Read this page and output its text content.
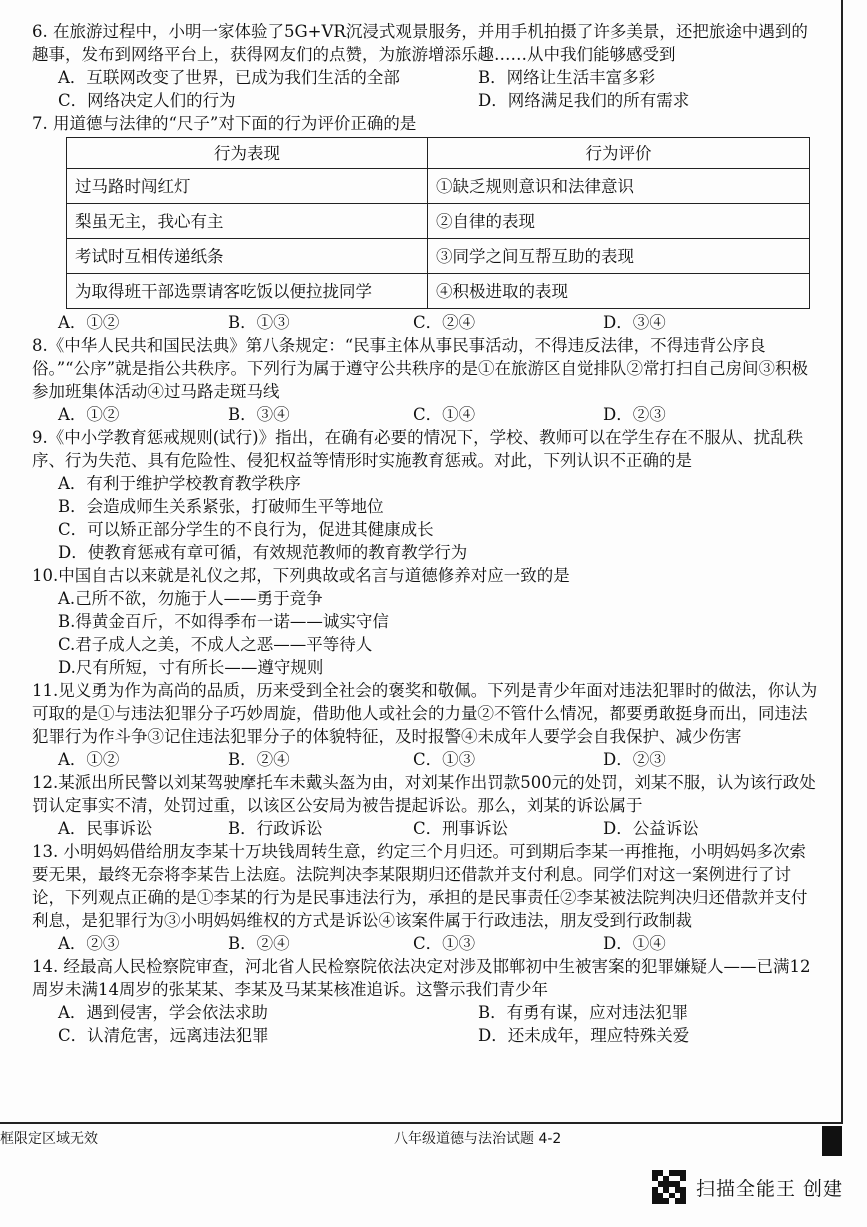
6. 在旅游过程中，小明一家体验了5G+VR沉浸式观景服务，并用手机拍摄了许多美景，还把旅途中遇到的趣事，发布到网络平台上，获得网友们的点赞，为旅游增添乐趣……从中我们能够感受到

A．互联网改变了世界，已成为我们生活的全部	B．网络让生活丰富多彩
C．网络决定人们的行为	D．网络满足我们的所有需求

7. 用道德与法律的“尺子”对下面的行为评价正确的是

行为表现	行为评价
过马路时闯红灯	①缺乏规则意识和法律意识
梨虽无主，我心有主	②自律的表现
考试时互相传递纸条	③同学之间互帮互助的表现
为取得班干部选票请客吃饭以便拉拢同学	④积极进取的表现
A．①②	B．①③	C．②④	D．③④

8.《中华人民共和国民法典》第八条规定：“民事主体从事民事活动，不得违反法律，不得违背公序良俗。”“公序”就是指公共秩序。下列行为属于遵守公共秩序的是①在旅游区自觉排队②常打扫自己房间③积极参加班集体活动④过马路走斑马线

A．①②	B．③④	C．①④	D．②③

9.《中小学教育惩戒规则(试行)》指出，在确有必要的情况下，学校、教师可以在学生存在不服从、扰乱秩序、行为失范、具有危险性、侵犯权益等情形时实施教育惩戒。对此，下列认识不正确的是

A．有利于维护学校教育教学秩序
B．会造成师生关系紧张，打破师生平等地位
C．可以矫正部分学生的不良行为，促进其健康成长
D．使教育惩戒有章可循，有效规范教师的教育教学行为

10.中国自古以来就是礼仪之邦，下列典故或名言与道德修养对应一致的是

A.己所不欲，勿施于人——勇于竞争
B.得黄金百斤，不如得季布一诺——诚实守信
C.君子成人之美，不成人之恶——平等待人
D.尺有所短，寸有所长——遵守规则

11.见义勇为作为高尚的品质，历来受到全社会的褒奖和敬佩。下列是青少年面对违法犯罪时的做法，你认为可取的是①与违法犯罪分子巧妙周旋，借助他人或社会的力量②不管什么情况，都要勇敢挺身而出，同违法犯罪行为作斗争③记住违法犯罪分子的体貌特征，及时报警④未成年人要学会自我保护、减少伤害

A．①②	B．②④	C．①③	D．②③

12.某派出所民警以刘某驾驶摩托车未戴头盔为由，对刘某作出罚款500元的处罚，刘某不服，认为该行政处罚认定事实不清，处罚过重，以该区公安局为被告提起诉讼。那么，刘某的诉讼属于

A．民事诉讼	B．行政诉讼	C．刑事诉讼	D．公益诉讼

13. 小明妈妈借给朋友李某十万块钱周转生意，约定三个月归还。可到期后李某一再推拖，小明妈妈多次索要无果，最终无奈将李某告上法庭。法院判决李某限期归还借款并支付利息。同学们对这一案例进行了讨论，下列观点正确的是①李某的行为是民事违法行为，承担的是民事责任②李某被法院判决归还借款并支付利息，是犯罪行为③小明妈妈维权的方式是诉讼④该案件属于行政违法，朋友受到行政制裁

A．②③	B．②④	C．①③	D．①④

14. 经最高人民检察院审查，河北省人民检察院依法决定对涉及邯郸初中生被害案的犯罪嫌疑人——已满12周岁未满14周岁的张某某、李某及马某某核准追诉。这警示我们青少年

A．遇到侵害，学会依法求助	B．有勇有谋，应对违法犯罪
C．认清危害，远离违法犯罪	D．还未成年，理应特殊关爱
框限定区域无效	八年级道德与法治试题 4-2
扫描全能王 创建
